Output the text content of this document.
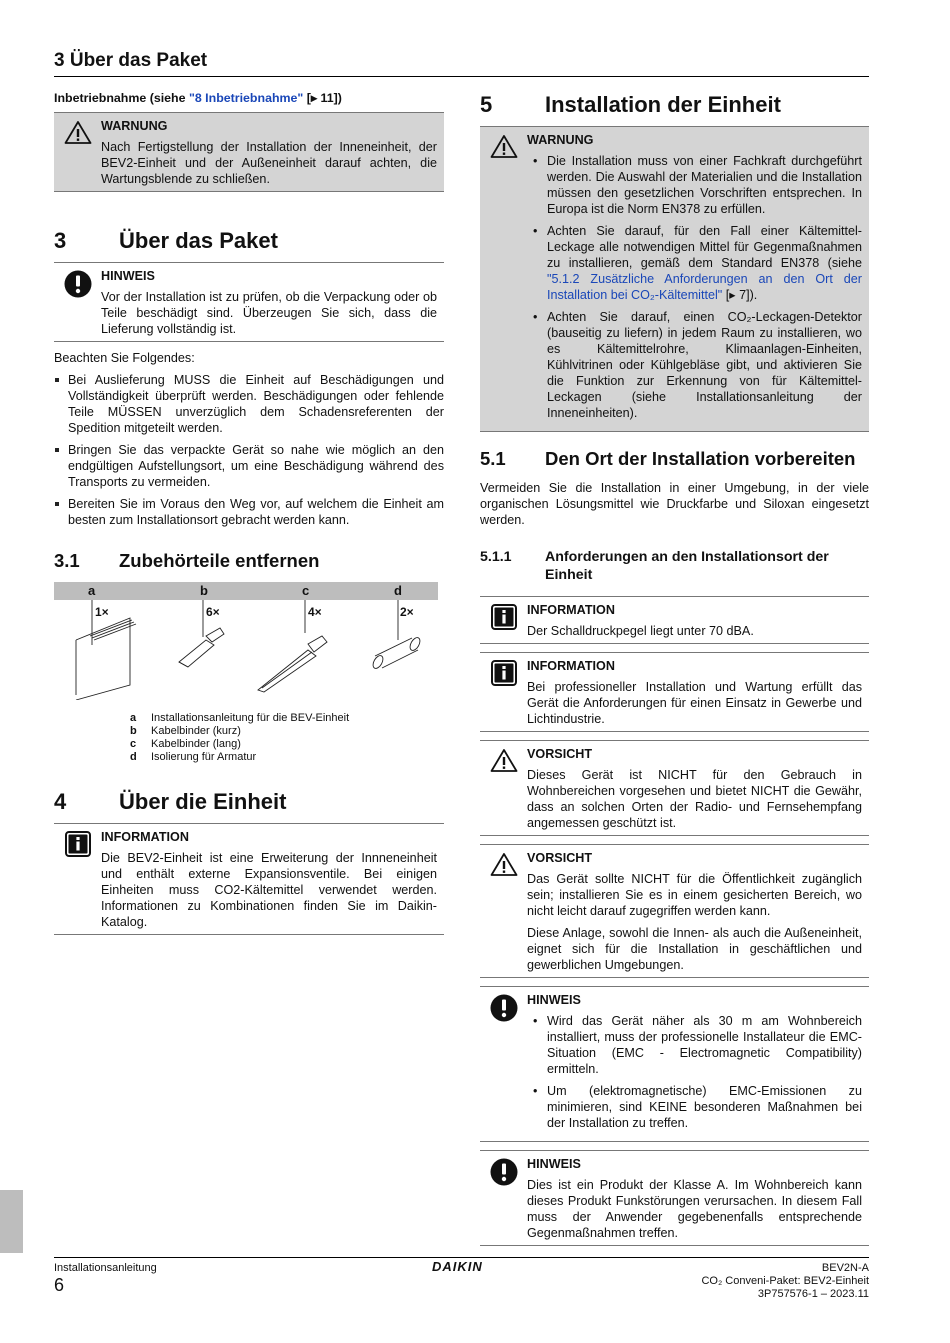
3 Über das Paket
Inbetriebnahme (siehe "8 Inbetriebnahme" [▸ 11])
WARNUNG

Nach Fertigstellung der Installation der Inneneinheit, der BEV2-Einheit und der Außeneinheit darauf achten, die Wartungsblende zu schließen.

3	Über das Paket
HINWEIS

Vor der Installation ist zu prüfen, ob die Verpackung oder ob Teile beschädigt sind. Überzeugen Sie sich, dass die Lieferung vollständig ist.

Beachten Sie Folgendes:
Bei Auslieferung MUSS die Einheit auf Beschädigungen und Vollständigkeit überprüft werden. Beschädigungen oder fehlende Teile MÜSSEN unverzüglich dem Schadensreferenten der Spedition mitgeteilt werden.
Bringen Sie das verpackte Gerät so nahe wie möglich an den endgültigen Aufstellungsort, um eine Beschädigung während des Transports zu vermeiden.
Bereiten Sie im Voraus den Weg vor, auf welchem die Einheit am besten zum Installationsort gebracht werden kann.
3.1	Zubehörteile entfernen
a	b	c	d
1×	6×	4×	2×
a	Installationsanleitung für die BEV-Einheit
b	Kabelbinder (kurz)
c	Kabelbinder (lang)
d	Isolierung für Armatur
4	Über die Einheit
INFORMATION

Die BEV2-Einheit ist eine Erweiterung der Innneneinheit und enthält externe Expansionsventile. Bei einigen Einheiten muss CO2-Kältemittel verwendet werden. Informationen zu Kombinationen finden Sie im Daikin-Katalog.

5	Installation der Einheit
WARNUNG
• Die Installation muss von einer Fachkraft durchgeführt werden. Die Auswahl der Materialien und die Installation müssen den gesetzlichen Vorschriften entsprechen. In Europa ist die Norm EN378 zu erfüllen.
• Achten Sie darauf, für den Fall einer Kältemittel-Leckage alle notwendigen Mittel für Gegenmaßnahmen zu installieren, gemäß dem Standard EN378 (siehe "5.1.2 Zusätzliche Anforderungen an den Ort der Installation bei CO₂-Kältemittel" [▸ 7]).
• Achten Sie darauf, einen CO₂-Leckagen-Detektor (bauseitig zu liefern) in jedem Raum zu installieren, wo es Kältemittelrohre, Klimaanlagen-Einheiten, Kühlvitrinen oder Kühlgebläse gibt, und aktivieren Sie die Funktion zur Erkennung von für Kältemittel-Leckagen (siehe Installationsanleitung der Inneneinheiten).
5.1	Den Ort der Installation vorbereiten

Vermeiden Sie die Installation in einer Umgebung, in der viele organischen Lösungsmittel wie Druckfarbe und Siloxan eingesetzt werden.

5.1.1	Anforderungen an den Installationsort der Einheit
INFORMATION

Der Schalldruckpegel liegt unter 70 dBA.

INFORMATION

Bei professioneller Installation und Wartung erfüllt das Gerät die Anforderungen für einen Einsatz in Gewerbe und Lichtindustrie.

VORSICHT

Dieses Gerät ist NICHT für den Gebrauch in Wohnbereichen vorgesehen und bietet NICHT die Gewähr, dass an solchen Orten der Radio- und Fernsehempfang angemessen geschützt ist.

VORSICHT

Das Gerät sollte NICHT für die Öffentlichkeit zugänglich sein; installieren Sie es in einem gesicherten Bereich, wo nicht leicht darauf zugegriffen werden kann.

Diese Anlage, sowohl die Innen- als auch die Außeneinheit, eignet sich für die Installation in geschäftlichen und gewerblichen Umgebungen.

HINWEIS
• Wird das Gerät näher als 30 m am Wohnbereich installiert, muss der professionelle Installateur die EMC-Situation (EMC - Electromagnetic Compatibility) ermitteln.
• Um (elektromagnetische) EMC-Emissionen zu minimieren, sind KEINE besonderen Maßnahmen bei der Installation zu treffen.
HINWEIS

Dies ist ein Produkt der Klasse A. Im Wohnbereich kann dieses Produkt Funkstörungen verursachen. In diesem Fall muss der Anwender gegebenenfalls entsprechende Gegenmaßnahmen treffen.

Installationsanleitung
6
DAIKIN	BEV2N-A
CO₂ Conveni-Paket: BEV2-Einheit
3P757576-1 – 2023.11
